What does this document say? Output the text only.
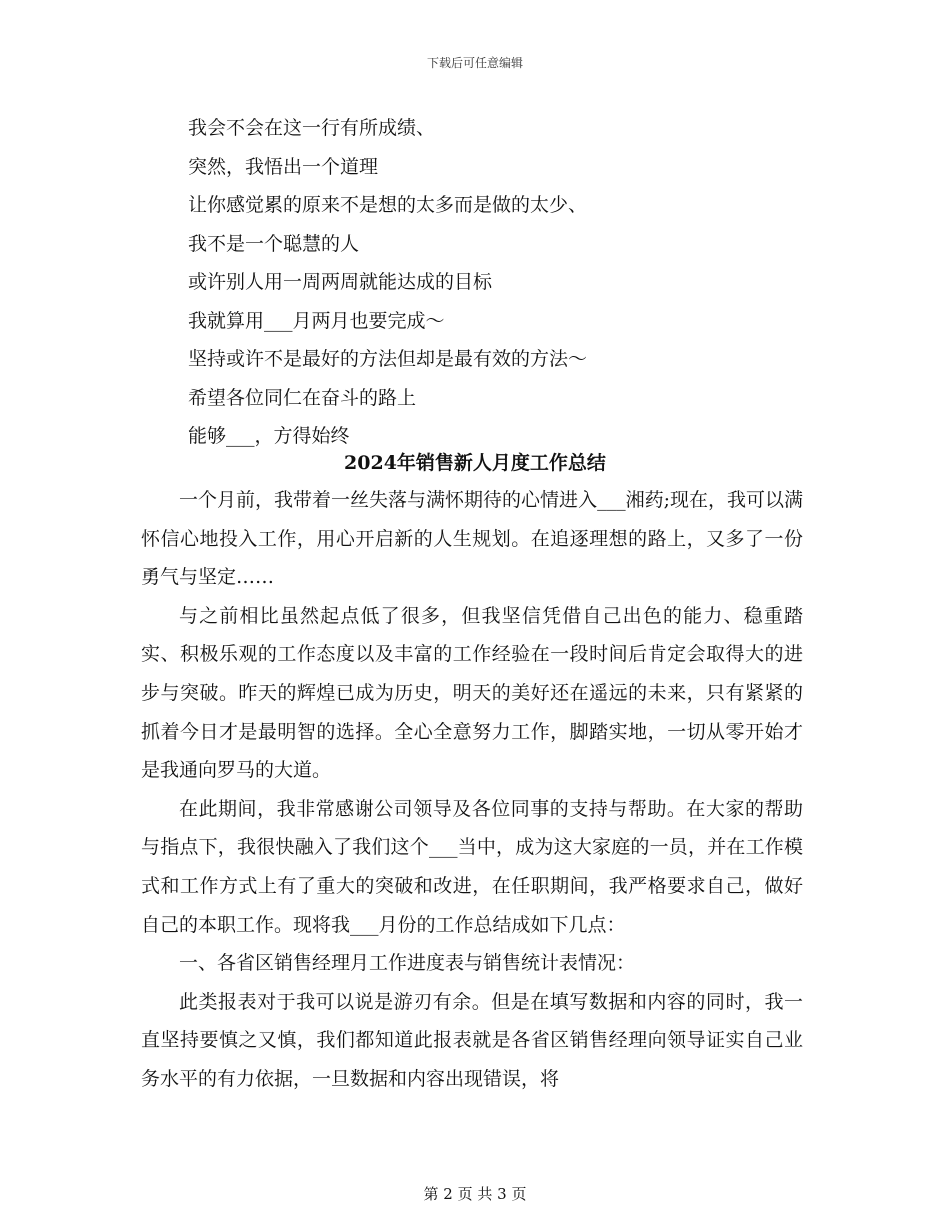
下载后可任意编辑
我会不会在这一行有所成绩、
突然，我悟出一个道理
让你感觉累的原来不是想的太多而是做的太少、
我不是一个聪慧的人
或许别人用一周两周就能达成的目标
我就算用___月两月也要完成～
坚持或许不是最好的方法但却是最有效的方法～
希望各位同仁在奋斗的路上
能够___，方得始终
2024年销售新人月度工作总结

一个月前，我带着一丝失落与满怀期待的心情进入___湘药;现在，我可以满怀信心地投入工作，用心开启新的人生规划。在追逐理想的路上，又多了一份勇气与坚定……

与之前相比虽然起点低了很多，但我坚信凭借自己出色的能力、稳重踏实、积极乐观的工作态度以及丰富的工作经验在一段时间后肯定会取得大的进步与突破。昨天的辉煌已成为历史，明天的美好还在遥远的未来，只有紧紧的抓着今日才是最明智的选择。全心全意努力工作，脚踏实地，一切从零开始才是我通向罗马的大道。

在此期间，我非常感谢公司领导及各位同事的支持与帮助。在大家的帮助与指点下，我很快融入了我们这个___当中，成为这大家庭的一员，并在工作模式和工作方式上有了重大的突破和改进，在任职期间，我严格要求自己，做好自己的本职工作。现将我___月份的工作总结成如下几点：

一、各省区销售经理月工作进度表与销售统计表情况：

此类报表对于我可以说是游刃有余。但是在填写数据和内容的同时，我一直坚持要慎之又慎，我们都知道此报表就是各省区销售经理向领导证实自己业务水平的有力依据，一旦数据和内容出现错误，将

第 2 页 共 3 页
